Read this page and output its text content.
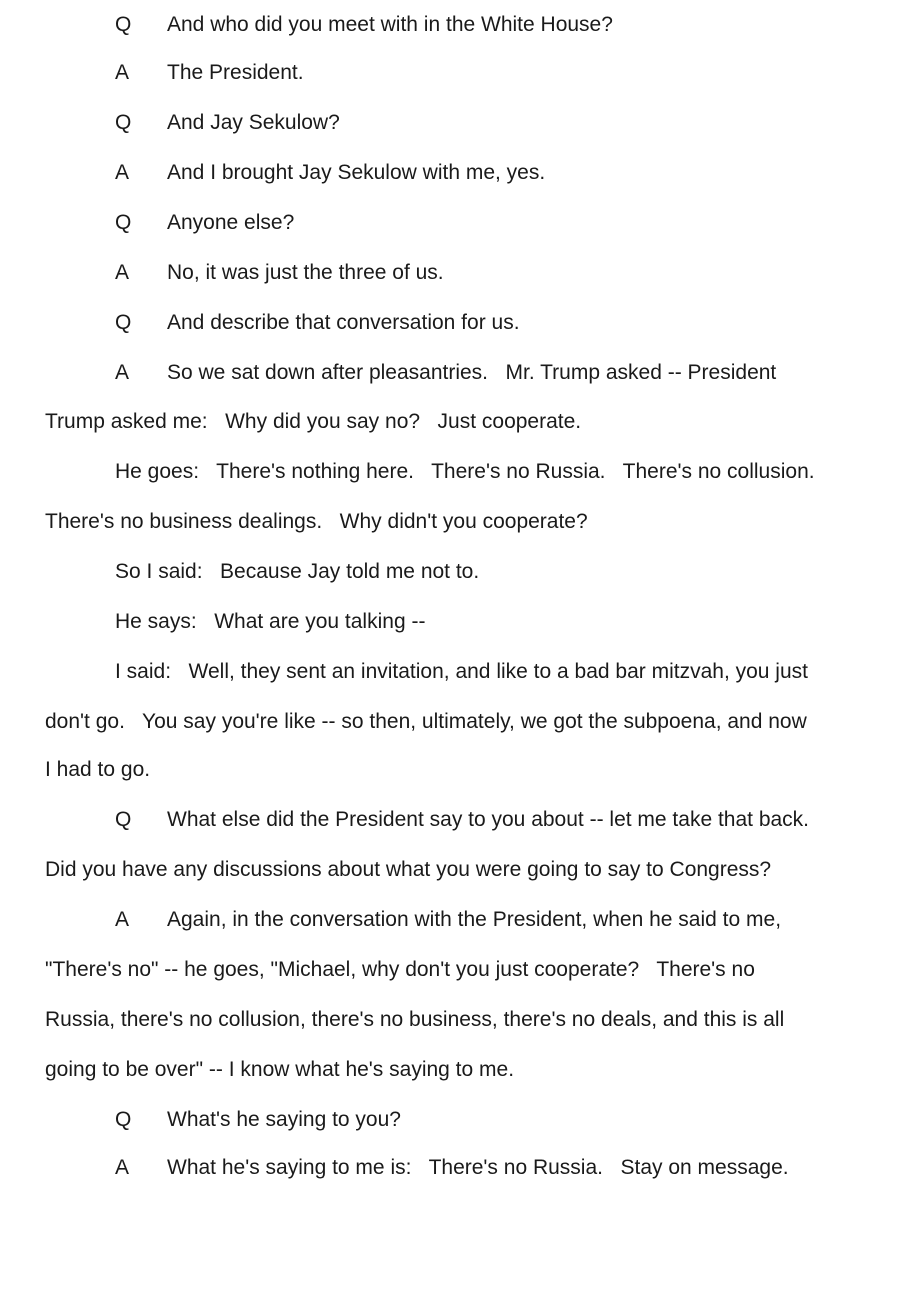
Q

And who did you meet with in the White House?

A

The President.

Q

And Jay Sekulow?

A

And I brought Jay Sekulow with me, yes.

Q

Anyone else?

A

No, it was just the three of us.

Q

And describe that conversation for us.

A

So we sat down after pleasantries.   Mr. Trump asked -- President

Trump asked me:   Why did you say no?   Just cooperate.

He goes:   There's nothing here.   There's no Russia.   There's no collusion.

There's no business dealings.   Why didn't you cooperate?

So I said:   Because Jay told me not to.

He says:   What are you talking --

I said:   Well, they sent an invitation, and like to a bad bar mitzvah, you just

don't go.   You say you're like -- so then, ultimately, we got the subpoena, and now

I had to go.

Q

What else did the President say to you about -- let me take that back.

Did you have any discussions about what you were going to say to Congress?

A

Again, in the conversation with the President, when he said to me,

"There's no" -- he goes, "Michael, why don't you just cooperate?   There's no

Russia, there's no collusion, there's no business, there's no deals, and this is all

going to be over" -- I know what he's saying to me.

Q

What's he saying to you?

A

What he's saying to me is:   There's no Russia.   Stay on message.
